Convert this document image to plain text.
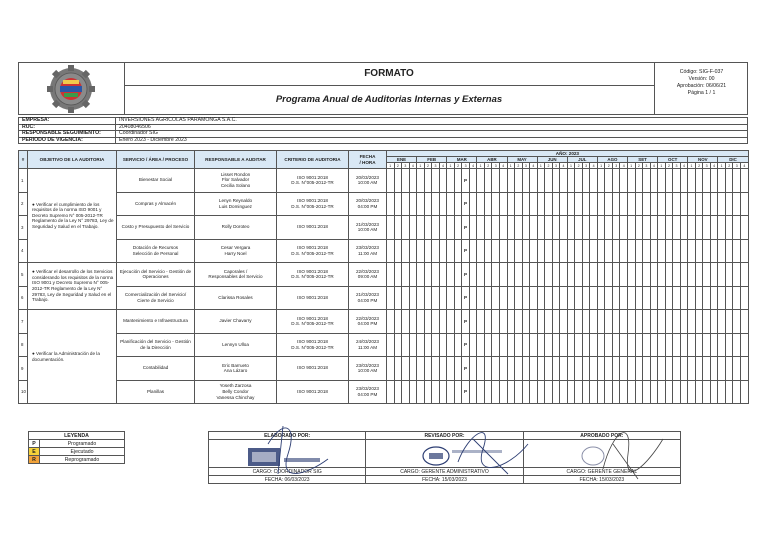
FORMATO
Programa Anual de Auditorias Internas y Externas
Código: SIG-F-037
Versión: 00
Aprobación: 06/06/21
Página 1 / 1
EMPRESA:	INVERSIONES AGRICOLAS PARAMONGA S.A.C.
RUC:	20408046506
RESPONSABLE SEGUIMIENTO:	Coordinador SIG
PERIODO DE VIGENCIA:	Enero 2023 - Diciembre 2023
#	OBJETIVO DE LA AUDITORIA	SERVICIO / ÁREA / PROCESO	RESPONSABLE A AUDITAR	CRITERIO DE AUDITORIA	FECHA
/ HORA	AÑO: 2023																																															
						ENE				FEB				MAR				ABR				MAY				JUN				JUL				AGO				SET				OCT				NOV				DIC			
						1	2	3	4	1	2	3	4	1	2	3	4	1	2	3	4	1	2	3	4	1	2	3	4	1	2	3	4	1	2	3	4	1	2	3	4	1	2	3	4	1	2	3	4	1	2	3	4
1	● Verificar el cumplimiento de los requisitos de la norma ISO 9001 y Decreto Supremo N° 005-2012-TR Reglamento de la Ley N° 29783, Ley de Seguridad y Salud en el Trabajo.	Bienestar Social	Lisset Rondon
Flor Salvador
Cecilia Solano	ISO 9001:2018
D.S. N°005-2012-TR	20/03/2023
10:00 AM											P																																					
2		Compras y Almacén	Lenyn Reynaldo
Luis Dominguez	ISO 9001:2018
D.S. N°005-2012-TR	20/03/2023
04:00 PM											P																																					
3		Costo y Presupuesto del Servicio	Rolly Doroteo	ISO 9001:2018	21/03/2023
10:00 AM											P																																					
4		Dotación de Recursos
Selección de Personal	Cesar Vergara
Harry Noel	ISO 9001:2018
D.S. N°005-2012-TR	23/03/2023
11:00 AM											P																																					
5	● Verificar el desarrollo de los Servicios considerando los requisitos de la norma ISO 9001 y Decreto Supremo N° 005-2012-TR Reglamento de la Ley N° 29783, Ley de Seguridad y Salud en el Trabajo.	Ejecución del Servicio - Gestión de
Operaciones	Caporales /
Responsables del Servicio	ISO 9001:2018
D.S. N°005-2012-TR	22/03/2023
09:00 AM											P																																					
6		Comercialización del Servicio/
Cierre de Servicio	Clarissa Rosales	ISO 9001:2018	21/03/2023
04:00 PM											P																																					
7	● Verificar la Administración de la documentación.	Mantenimiento e Infraestructura	Javier Chavarry	ISO 9001:2018
D.S. N°005-2012-TR	22/03/2023
04:00 PM											P																																					
8		Planificación del Servicio - Gestión
de la Dirección	Lennyn Ulloa	ISO 9001:2018
D.S. N°005-2012-TR	24/03/2023
11:00 AM											P																																					
9		Contabilidad	Eric Barrueto
Ana Lázaro	ISO 9001:2018	23/03/2023
10:00 AM											P																																					
10		Planillas	Yoseth Zarzosa
Belly Condor
Vanessa Chinchay	ISO 9001:2018	23/03/2023
04:00 PM											P																																					
LEYENDA	
P	Programado
E	Ejecutado
R	Reprogramado
ELABORADO POR:	REVISADO POR:	APROBADO POR:

CARGO: COORDINADOR SIG	CARGO: GERENTE ADMINISTRATIVO	CARGO: GERENTE GENERAL
FECHA: 06/03/2023	FECHA: 15/03/2023	FECHA: 15/03/2023
